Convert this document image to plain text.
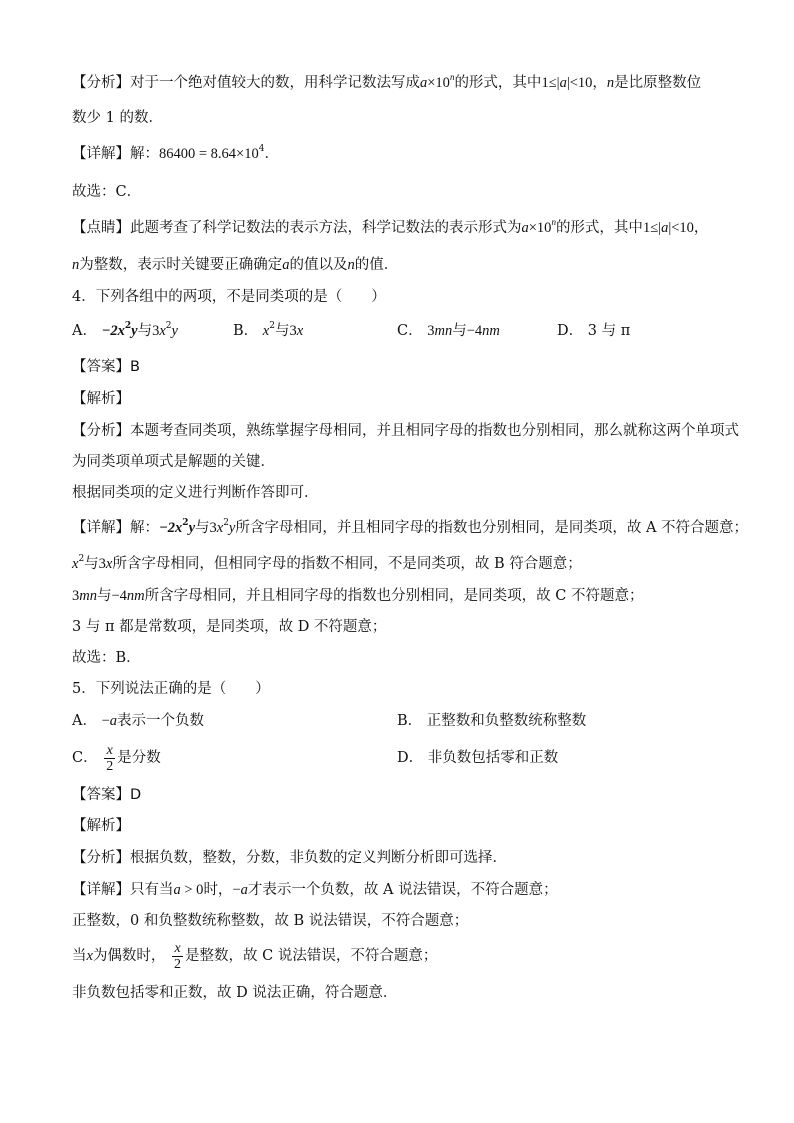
【分析】对于一个绝对值较大的数，用科学记数法写成$a\times 10^n$的形式，其中1≤|a|<10，n是比原整数位
数少 1 的数．
【详解】解：$86400 = 8.64\times 10^4$．
故选：C．
【点睛】此题考查了科学记数法的表示方法，科学记数法的表示形式为$a\times 10^n$的形式，其中1≤|a|<10，
n为整数，表示时关键要正确确定a的值以及n的值．
4．下列各组中的两项，不是同类项的是（　　）
A． $-2x^2y$与$3x^2y$	B． $x^2$与3x	C． 3mn与−4nm	D． 3 与 π
【答案】B
【解析】
【分析】本题考查同类项，熟练掌握字母相同，并且相同字母的指数也分别相同，那么就称这两个单项式
为同类项单项式是解题的关键．
根据同类项的定义进行判断作答即可．
【详解】解：$-2x^2y$与$3x^2y$所含字母相同，并且相同字母的指数也分别相同，是同类项，故 A 不符合题意；
$x^2$与3x所含字母相同，但相同字母的指数不相同，不是同类项，故 B 符合题意；
3mn与−4nm所含字母相同，并且相同字母的指数也分别相同，是同类项，故 C 不符题意；
3 与 π 都是常数项，是同类项，故 D 不符题意；
故选：B．
5．下列说法正确的是（　　）
A． −a表示一个负数	B． 正整数和负整数统称整数
C． $\frac{x}{2}$ 是分数	D． 非负数包括零和正数
【答案】D
【解析】
【分析】根据负数，整数，分数，非负数的定义判断分析即可选择．
【详解】只有当a > 0时，−a才表示一个负数，故 A 说法错误，不符合题意；
正整数，0 和负整数统称整数，故 B 说法错误，不符合题意；
当x为偶数时， $\frac{x}{2}$ 是整数，故 C 说法错误，不符合题意；
非负数包括零和正数，故 D 说法正确，符合题意．
